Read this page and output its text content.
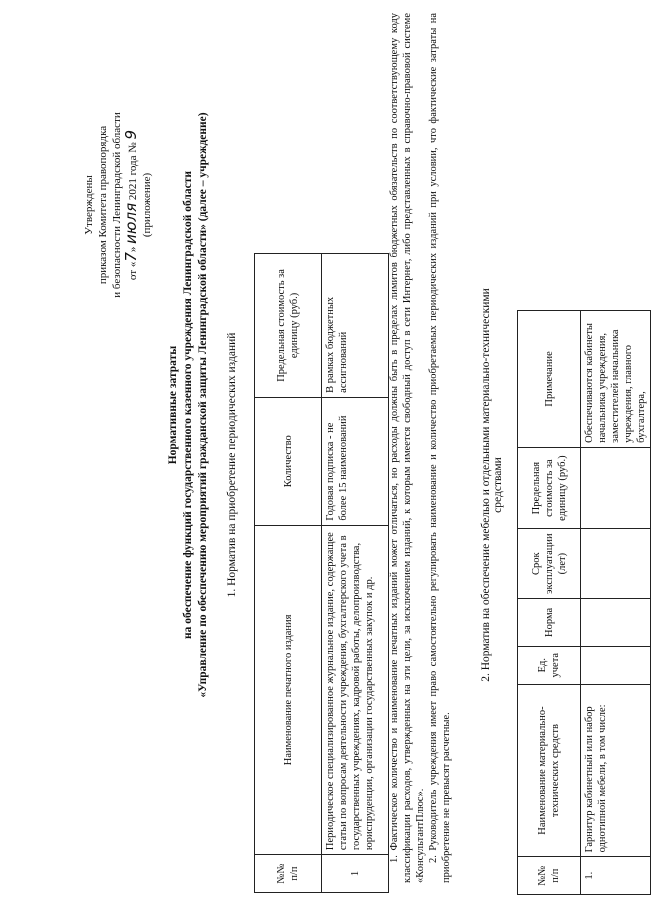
Утверждены приказом Комитета правопорядка и безопасности Ленинградской области от «7» июля 2021 года № 9
(приложение)
Нормативные затраты на обеспечение функций государственного казенного учреждения Ленинградской области «Управление по обеспечению мероприятий гражданской защиты Ленинградской области» (далее – учреждение) 1. Норматив на приобретение периодических изданий
№№ п/п	Наименование печатного издания	Количество	Предельная стоимость за единицу (руб.)
1	Периодическое специализированное журнальное издание, содержащее статьи по вопросам деятельности учреждения, бухгалтерского учета в государственных учреждениях, кадровой работы, делопроизводства, юриспруденции, организации государственных закупок и др.	Годовая подписка - не более 15 наименований	В рамках бюджетных ассигнований	1. Фактическое количество и наименование печатных изданий может отличаться, но расходы должны быть в пределах лимитов бюджетных обязательств по соответствующему коду классификации расходов, утвержденных на эти цели, за исключением изданий, к которым имеется свободный доступ в сети Интернет, либо представленных в справочно-правовой системе «КонсультантПлюс». 2. Руководитель учреждения имеет право самостоятельно регулировать наименование и количество приобретаемых периодических изданий при условии, что фактические затраты на приобретение не превысят расчетные.

2. Норматив на обеспечение мебелью и отдельными материально-техническими средствами
№№ п/п	Наименование материально-технических средств	Ед. учета	Норма	Срок эксплуатации (лет)	Предельная стоимость за единицу (руб.)	Примечание
1.	Гарнитур кабинетный или набор однотипной мебели, в том числе:					Обеспечиваются кабинеты начальника учреждения, заместителей начальника учреждения, главного бухгалтера,
